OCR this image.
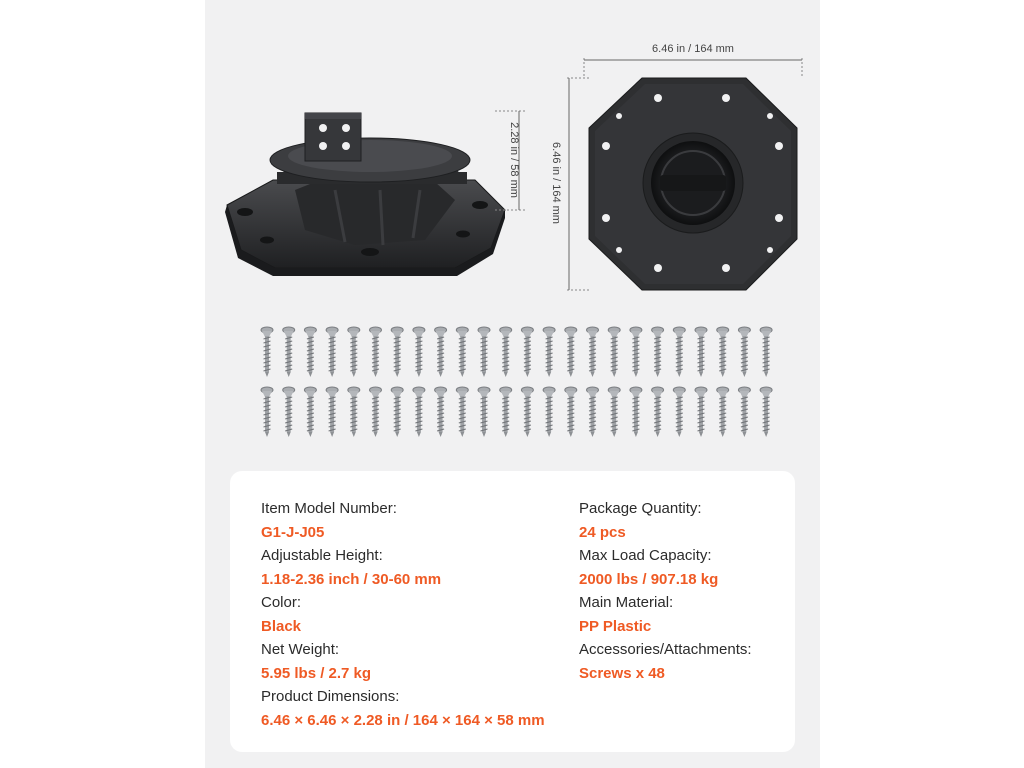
2.28 in / 58 mm
6.46 in / 164 mm
6.46 in / 164 mm
Item Model Number:
G1-J-J05
Adjustable Height:
1.18-2.36 inch / 30-60 mm
Color:
Black
Net Weight:
5.95 lbs / 2.7 kg
Product Dimensions:
6.46 × 6.46 × 2.28 in / 164 × 164 × 58 mm
Package Quantity:
24 pcs
Max Load Capacity:
2000 lbs / 907.18 kg
Main Material:
PP Plastic
Accessories/Attachments:
Screws x 48
